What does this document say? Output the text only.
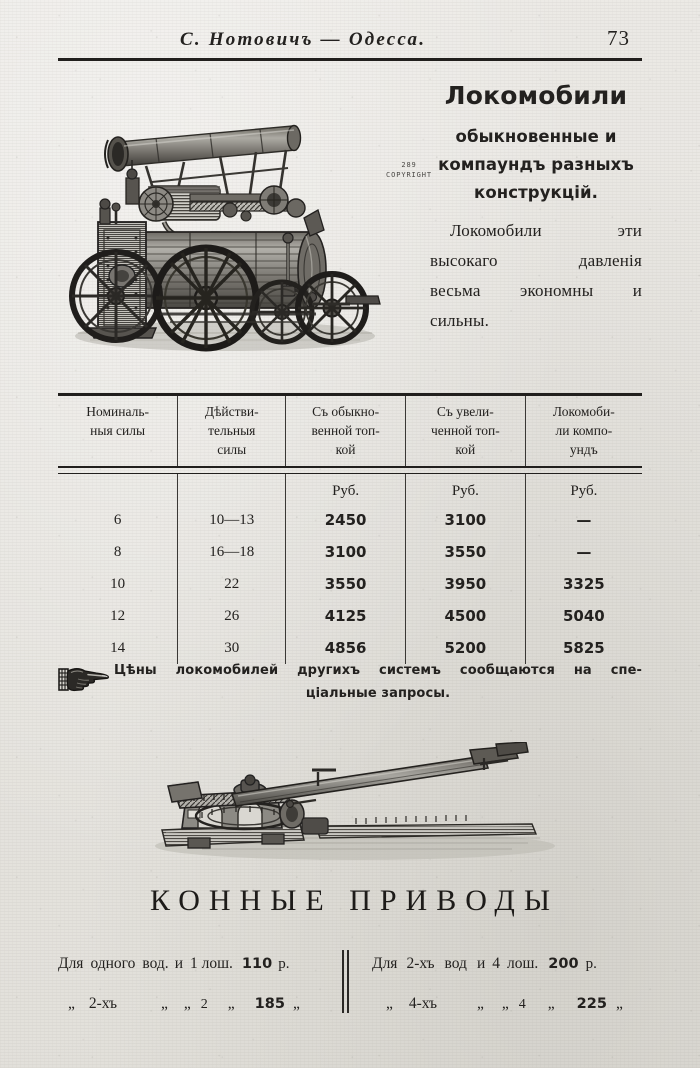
С. Нотовичъ — Одесса.	73
289
COPYRIGHT
Локомобили
обыкновенные и
компаундъ разныхъ
конструкцій.
Локомобили эти
высокаго давленія
весьма экономны и
сильны.
Номиналь-
ныя силы

Дѣйстви-
тельныя
силы

Съ обыкно-
венной топ-
кой

Съ увели-
ченной топ-
кой

Локомоби-
ли компо-
ундъ
		Руб.	Руб.	Руб.
6	10—13	2450	3100	—
8	16—18	3100	3550	—
10	22	3550	3950	3325
12	26	4125	4500	5040
14	30	4856	5200	5825
Цѣны локомобилей другихъ системъ сообщаются на спе-
ціальные запросы.
КОННЫЕ ПРИВОДЫ
Для одного вод. и 1 лош. 110 р.
„ 2-хъ	„ „ 2 „ 185 „
Для 2-хъ вод и 4 лош. 200 р.
„ 4-хъ	„ „ 4 „ 225 „
